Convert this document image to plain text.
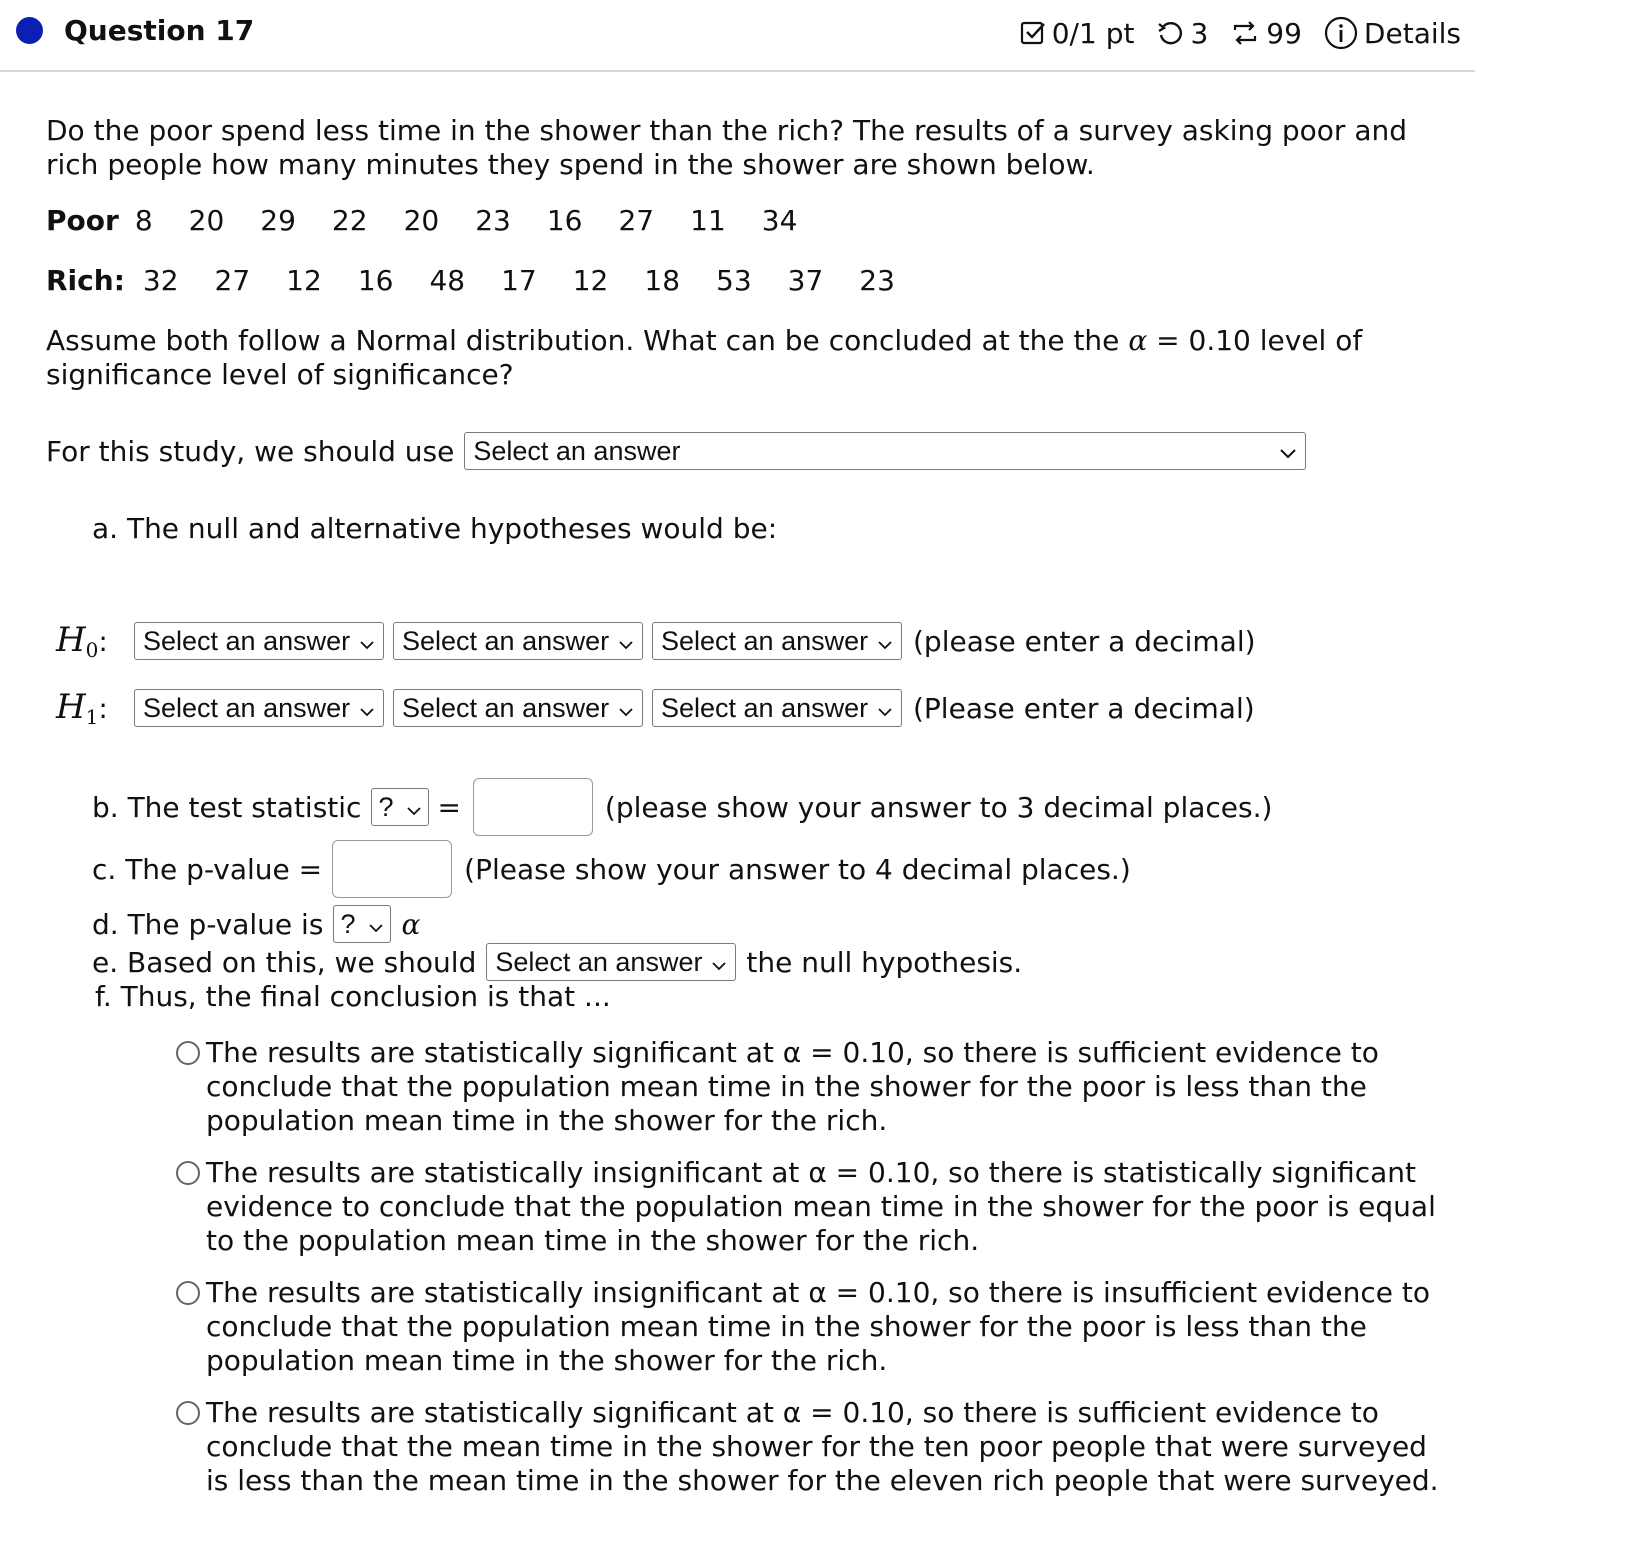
Question 17	0/1 pt 3 99 Details
Do the poor spend less time in the shower than the rich? The results of a survey asking poor and rich people how many minutes they spend in the shower are shown below.
Poor 8 20 29 22 20 23 16 27 11 34
Rich: 32 27 12 16 48 17 12 18 53 37 23
Assume both follow a Normal distribution. What can be concluded at the the α = 0.10 level of significance level of significance?
For this study, we should use Select an answer
a. The null and alternative hypotheses would be:
$H_0$:	Select an answer Select an answer Select an answer (please enter a decimal)
$H_1$:	Select an answer Select an answer Select an answer (Please enter a decimal)
b. The test statistic ? =	(please show your answer to 3 decimal places.)
c. The p-value =	(Please show your answer to 4 decimal places.)
d. The p-value is ? α
e. Based on this, we should Select an answer the null hypothesis.
f. Thus, the final conclusion is that ...
The results are statistically significant at α = 0.10, so there is sufficient evidence to conclude that the population mean time in the shower for the poor is less than the population mean time in the shower for the rich.
The results are statistically insignificant at α = 0.10, so there is statistically significant evidence to conclude that the population mean time in the shower for the poor is equal to the population mean time in the shower for the rich.
The results are statistically insignificant at α = 0.10, so there is insufficient evidence to conclude that the population mean time in the shower for the poor is less than the population mean time in the shower for the rich.
The results are statistically significant at α = 0.10, so there is sufficient evidence to conclude that the mean time in the shower for the ten poor people that were surveyed is less than the mean time in the shower for the eleven rich people that were surveyed.
